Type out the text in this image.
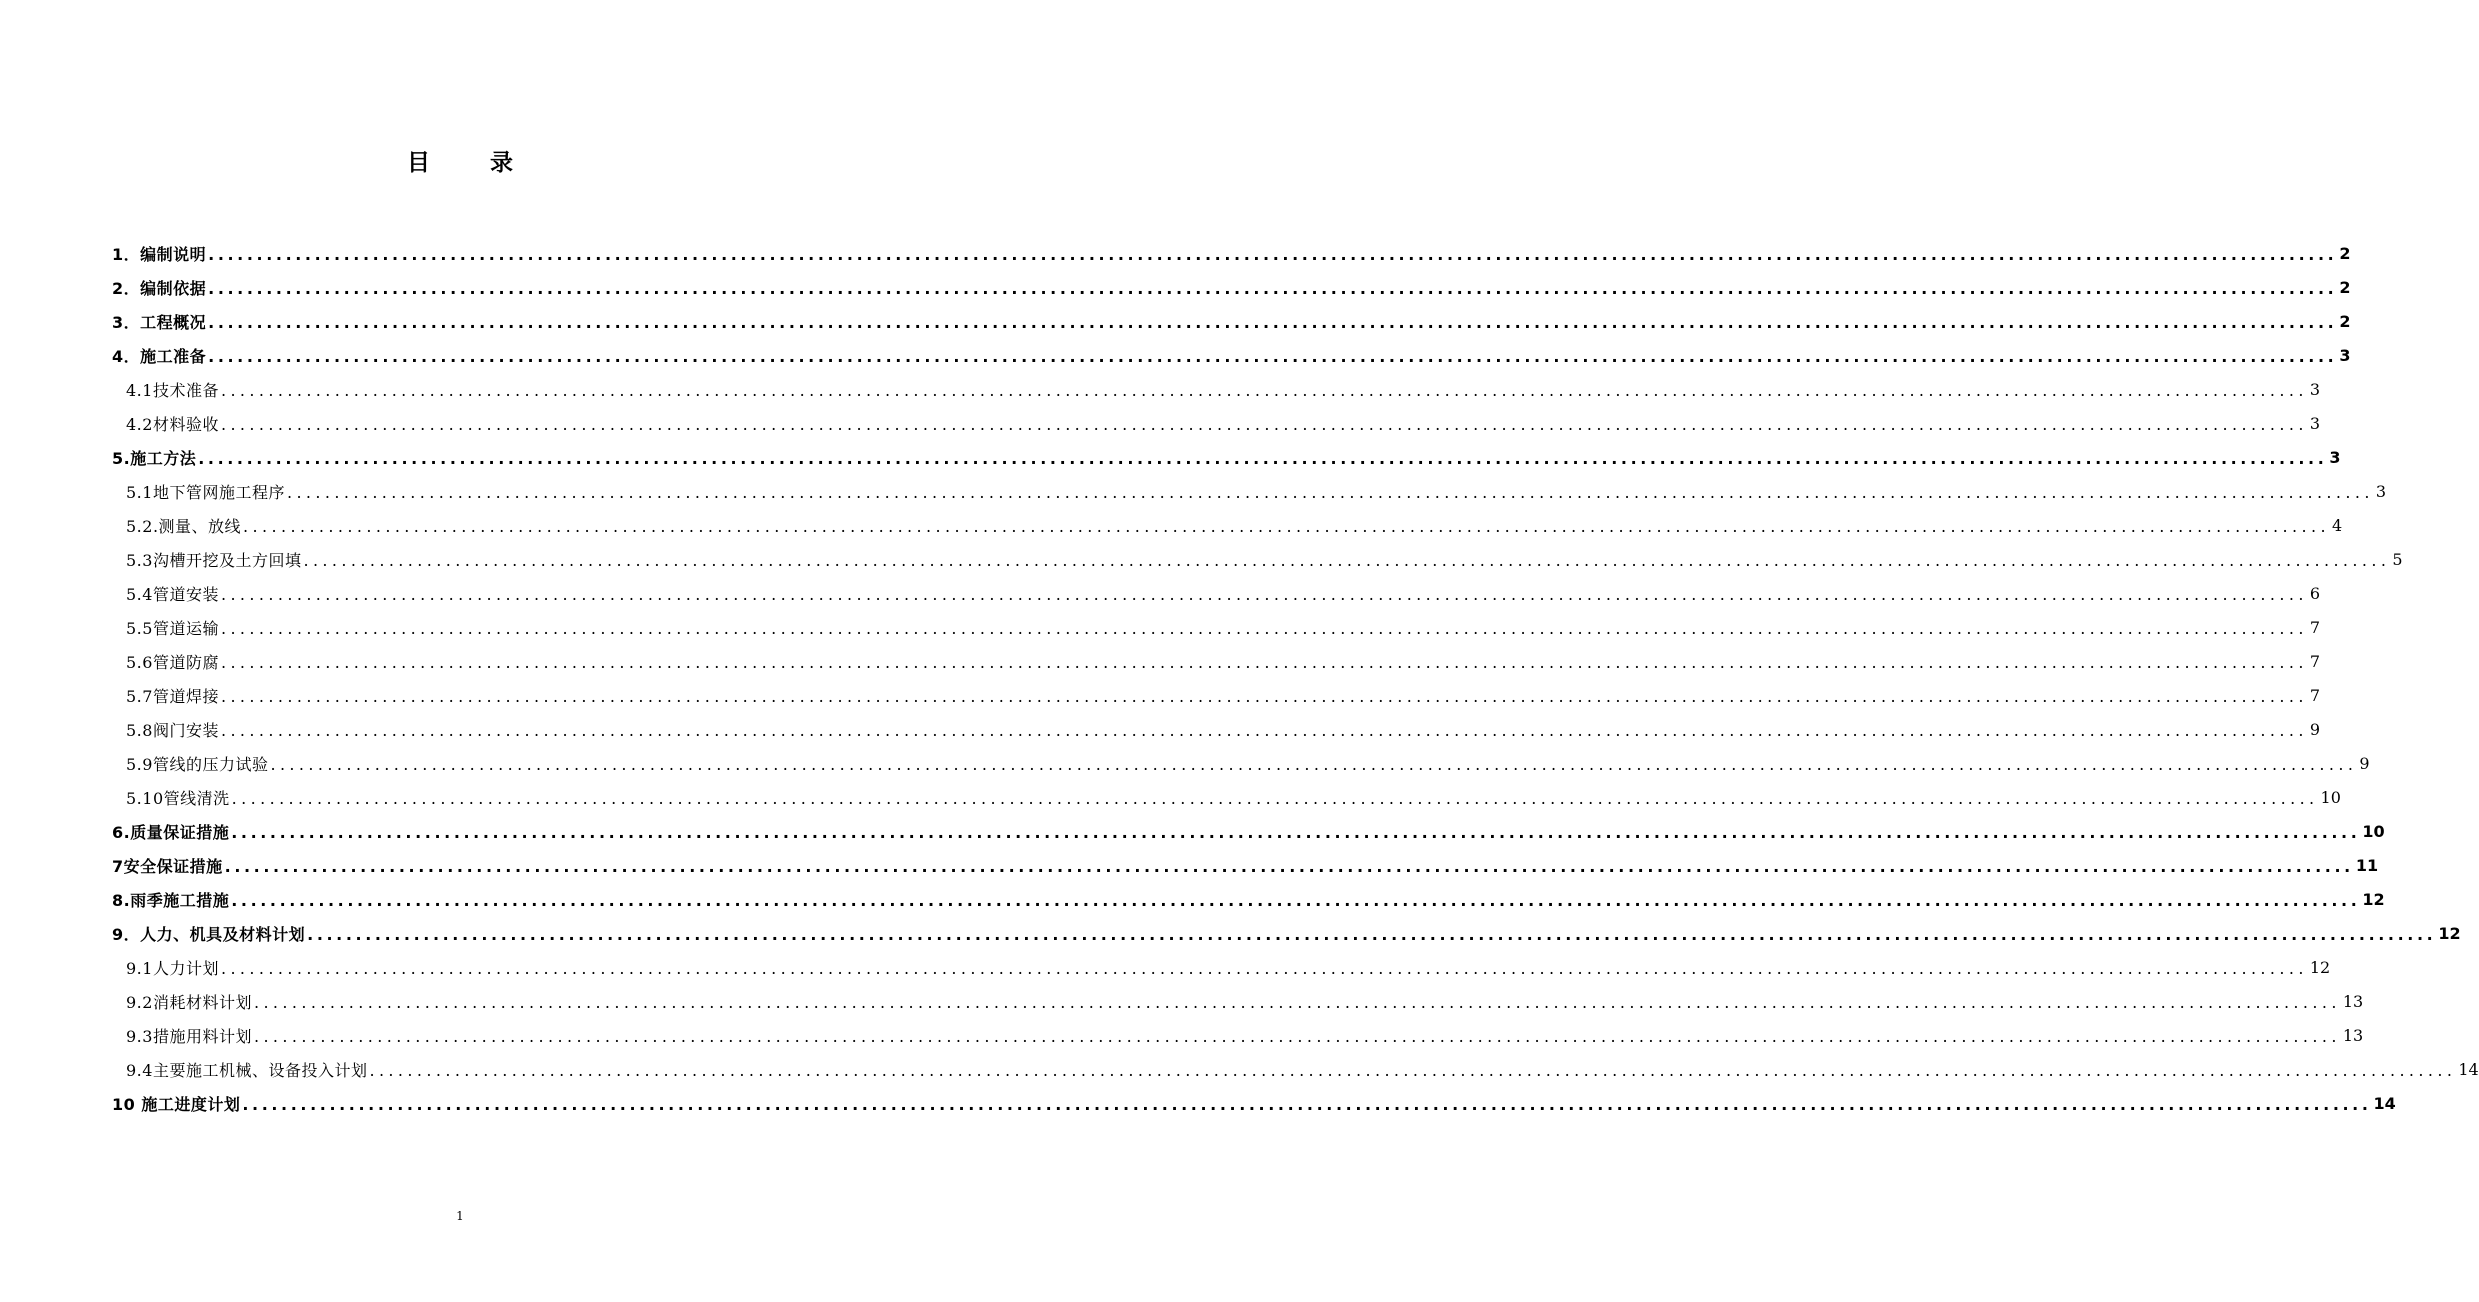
目 录
1．编制说明 ............................................................................................................................................................................................................................ 2
2．编制依据 ............................................................................................................................................................................................................................ 2
3．工程概况 ............................................................................................................................................................................................................................ 2
4．施工准备 ............................................................................................................................................................................................................................ 3
4.1技术准备 ............................................................................................................................................................................................................................ 3
4.2材料验收 ............................................................................................................................................................................................................................ 3
5.施工方法 ............................................................................................................................................................................................................................ 3
5.1地下管网施工程序 ............................................................................................................................................................................................................................ 3
5.2.测量、放线 ............................................................................................................................................................................................................................ 4
5.3沟槽开挖及土方回填 ............................................................................................................................................................................................................................ 5
5.4管道安装 ............................................................................................................................................................................................................................ 6
5.5管道运输 ............................................................................................................................................................................................................................ 7
5.6管道防腐 ............................................................................................................................................................................................................................ 7
5.7管道焊接 ............................................................................................................................................................................................................................ 7
5.8阀门安装 ............................................................................................................................................................................................................................ 9
5.9管线的压力试验 ............................................................................................................................................................................................................................ 9
5.10管线清洗 ............................................................................................................................................................................................................................ 10
6.质量保证措施 ............................................................................................................................................................................................................................ 10
7安全保证措施 ............................................................................................................................................................................................................................ 11
8.雨季施工措施 ............................................................................................................................................................................................................................ 12
9．人力、机具及材料计划 ............................................................................................................................................................................................................................ 12
9.1人力计划 ............................................................................................................................................................................................................................ 12
9.2消耗材料计划 ............................................................................................................................................................................................................................ 13
9.3措施用料计划 ............................................................................................................................................................................................................................ 13
9.4主要施工机械、设备投入计划 ............................................................................................................................................................................................................................ 14
10 施工进度计划 ............................................................................................................................................................................................................................ 14
1
